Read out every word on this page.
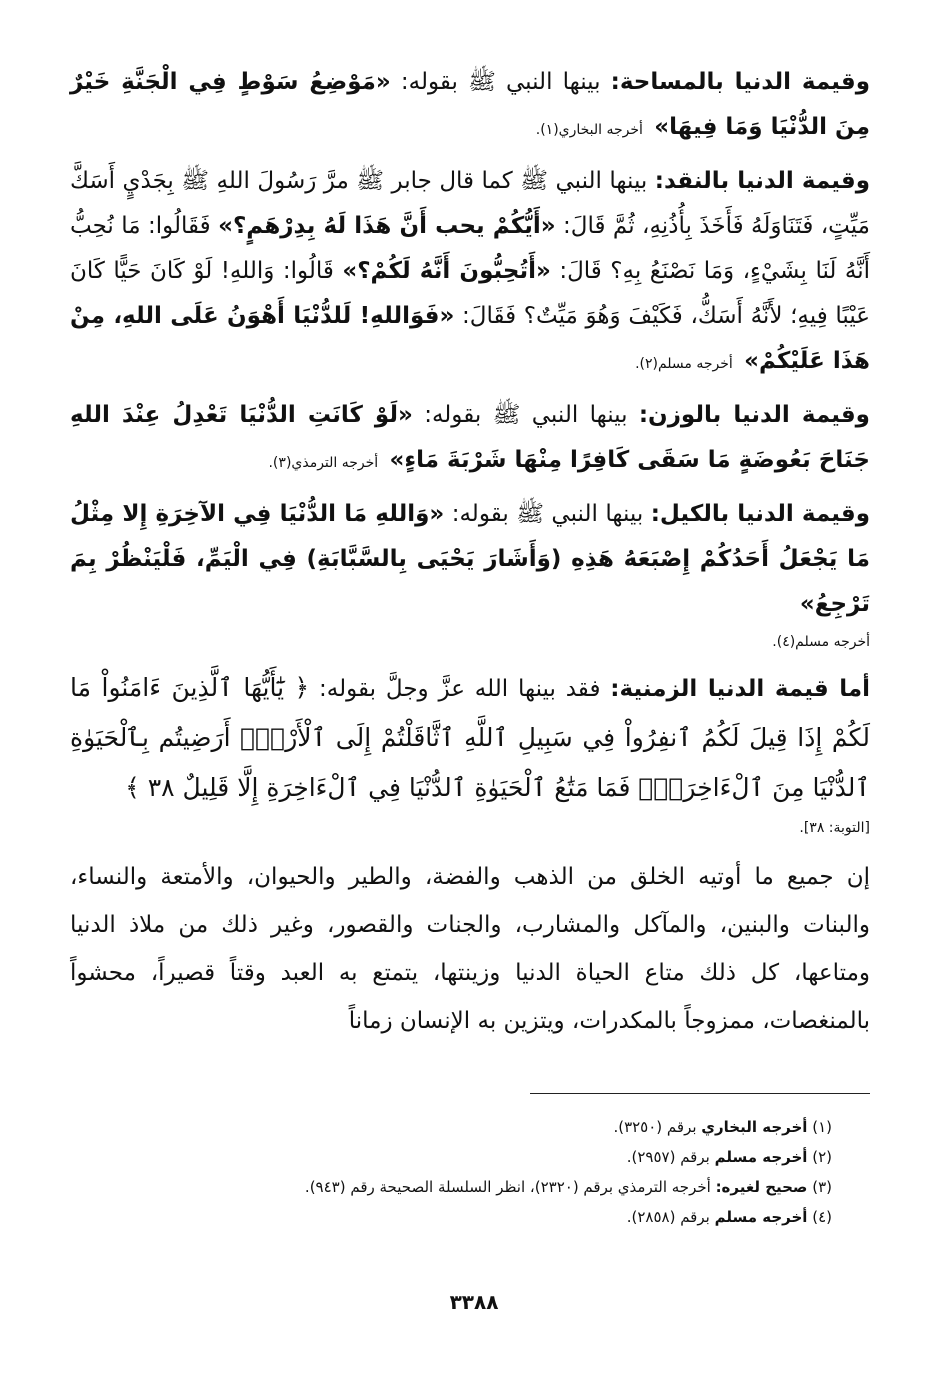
وقيمة الدنيا بالمساحة: بينها النبي ﷺ بقوله: «مَوْضِعُ سَوْطٍ فِي الْجَنَّةِ خَيْرٌ مِنَ الدُّنْيَا وَمَا فِيهَا» أخرجه البخاري(١).

وقيمة الدنيا بالنقد: بينها النبي ﷺ كما قال جابر ﷺ مرَّ رَسُولَ اللهِ ﷺ بِجَدْيٍ أَسَكَّ مَيِّتٍ، فَتَنَاوَلَهُ فَأَخَذَ بِأُذُنِهِ، ثُمَّ قَالَ: «أَيُّكُمْ يحب أَنَّ هَذَا لَهُ بِدِرْهَمٍ؟» فَقَالُوا: مَا نُحِبُّ أَنَّهُ لَنَا بِشَيْءٍ، وَمَا نَصْنَعُ بِهِ؟ قَالَ: «أَتُحِبُّونَ أَنَّهُ لَكُمْ؟» قَالُوا: وَاللهِ! لَوْ كَانَ حَيًّا كَانَ عَيْبًا فِيهِ؛ لأَنَّهُ أَسَكُّ، فَكَيْفَ وَهُوَ مَيِّتٌ؟ فَقَالَ: «فَوَاللهِ! لَلدُّنْيَا أَهْوَنُ عَلَى اللهِ، مِنْ هَذَا عَلَيْكُمْ» أخرجه مسلم(٢).

وقيمة الدنيا بالوزن: بينها النبي ﷺ بقوله: «لَوْ كَانَتِ الدُّنْيَا تَعْدِلُ عِنْدَ اللهِ جَنَاحَ بَعُوضَةٍ مَا سَقَى كَافِرًا مِنْهَا شَرْبَةَ مَاءٍ» أخرجه الترمذي(٣).

وقيمة الدنيا بالكيل: بينها النبي ﷺ بقوله: «وَاللهِ مَا الدُّنْيَا فِي الآخِرَةِ إِلا مِثْلُ مَا يَجْعَلُ أَحَدُكُمْ إِصْبَعَهُ هَذِهِ (وَأَشَارَ يَحْيَى بِالسَّبَّابَةِ) فِي الْيَمِّ، فَلْيَنْظُرْ بِمَ تَرْجِعُ»

أخرجه مسلم(٤).

أما قيمة الدنيا الزمنية: فقد بينها الله عزَّ وجلَّ بقوله: ﴿ يَٰٓأَيُّهَا ٱلَّذِينَ ءَامَنُواْ مَا لَكُمْ إِذَا قِيلَ لَكُمُ ٱنفِرُواْ فِي سَبِيلِ ٱللَّهِ ٱثَّاقَلْتُمْ إِلَى ٱلْأَرْضِۚ أَرَضِيتُم بِٱلْحَيَوٰةِ ٱلدُّنْيَا مِنَ ٱلْءَاخِرَةِۚ فَمَا مَتَٰعُ ٱلْحَيَوٰةِ ٱلدُّنْيَا فِي ٱلْءَاخِرَةِ إِلَّا قَلِيلٌ ٣٨ ﴾

[التوبة: ٣٨].

إن جميع ما أوتيه الخلق من الذهب والفضة، والطير والحيوان، والأمتعة والنساء، والبنات والبنين، والمآكل والمشارب، والجنات والقصور، وغير ذلك من ملاذ الدنيا ومتاعها، كل ذلك متاع الحياة الدنيا وزينتها، يتمتع به العبد وقتاً قصيراً، محشواً بالمنغصات، ممزوجاً بالمكدرات، ويتزين به الإنسان زماناً

(١) أخرجه البخاري برقم (٣٢٥٠).
(٢) أخرجه مسلم برقم (٢٩٥٧).
(٣) صحيح لغيره: أخرجه الترمذي برقم (٢٣٢٠)، انظر السلسلة الصحيحة رقم (٩٤٣).
(٤) أخرجه مسلم برقم (٢٨٥٨).
٣٣٨٨
